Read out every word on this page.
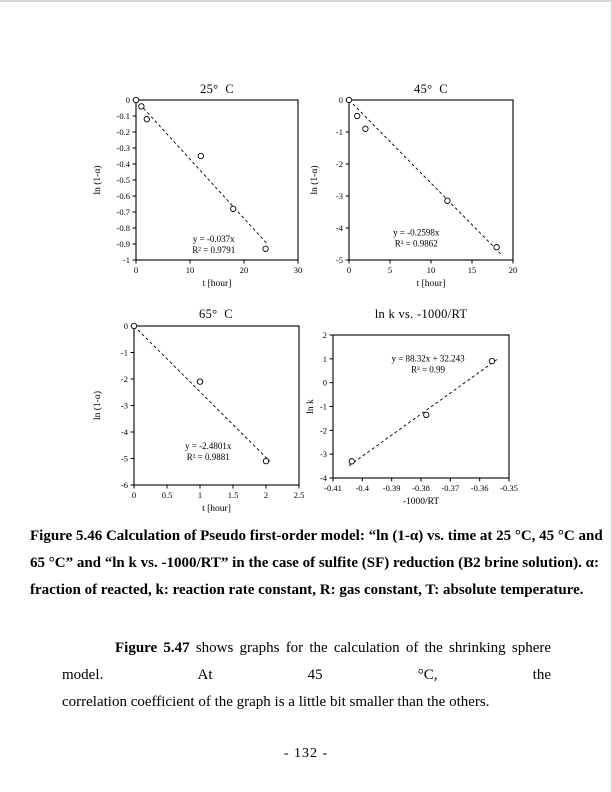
25°  C
0
-0.1
-0.2
-0.3
-0.4
-0.5
-0.6
-0.7
-0.8
-0.9
-1
0	10	20	30
t [hour]
ln (1-α)
y = -0.037x
R² = 0.9791
45°  C
0
-1
-2
-3
-4
-5
0	5	10	15	20
t [hour]
ln (1-α)
y = -0.2598x
R² = 0.9862
65°  C
0
-1
-2
-3
-4
-5
-6
0	0.5	1	1.5	2	2.5
t [hour]
ln (1-α)
y = -2.4801x
R² = 0.9881
ln k vs. -1000/RT
2
1
0
-1
-2
-3
-4
-0.41 -0.4 -0.39 -0.38 -0.37 -0.36 -0.35
-1000/RT
ln k
y = 88.32x + 32.243
R² = 0.99
Figure 5.46 Calculation of Pseudo first-order model: “ln (1-α) vs. time at 25 °C, 45 °C and
65 °C” and “ln k vs. -1000/RT” in the case of sulfite (SF) reduction (B2 brine solution). α:
fraction of reacted, k: reaction rate constant, R: gas constant, T: absolute temperature.
Figure 5.47 shows graphs for the calculation of the shrinking sphere model. At 45 °C, the
correlation coefficient of the graph is a little bit smaller than the others.
- 132 -
